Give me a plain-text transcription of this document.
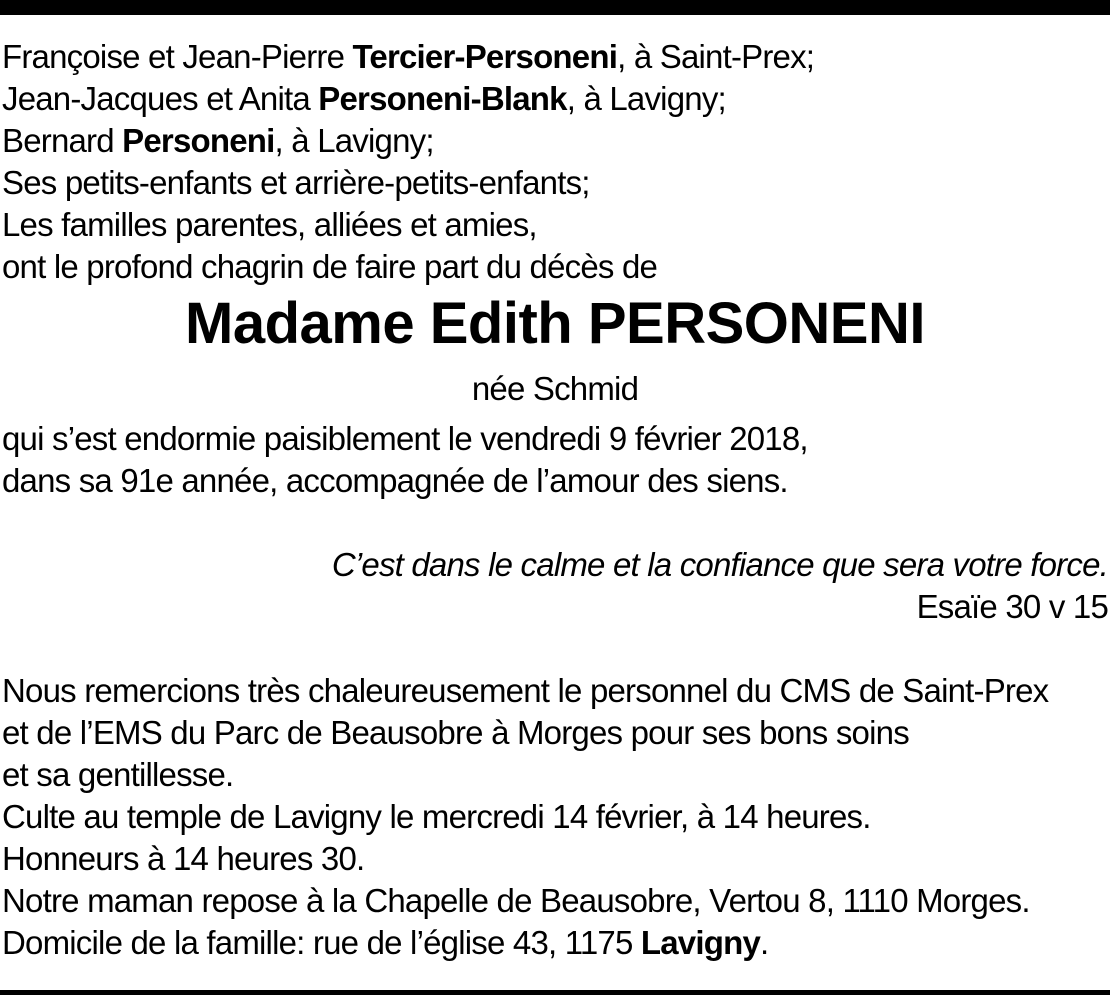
Françoise et Jean-Pierre Tercier-Personeni, à Saint-Prex;
Jean-Jacques et Anita Personeni-Blank, à Lavigny;
Bernard Personeni, à Lavigny;
Ses petits-enfants et arrière-petits-enfants;
Les familles parentes, alliées et amies,
ont le profond chagrin de faire part du décès de
Madame Edith PERSONENI
née Schmid
qui s’est endormie paisiblement le vendredi 9 février 2018,
dans sa 91e année, accompagnée de l’amour des siens.
C’est dans le calme et la confiance que sera votre force.
Esaïe 30 v 15
Nous remercions très chaleureusement le personnel du CMS de Saint-Prex
et de l’EMS du Parc de Beausobre à Morges pour ses bons soins
et sa gentillesse.
Culte au temple de Lavigny le mercredi 14 février, à 14 heures.
Honneurs à 14 heures 30.
Notre maman repose à la Chapelle de Beausobre, Vertou 8, 1110 Morges.
Domicile de la famille: rue de l’église 43, 1175 Lavigny.
